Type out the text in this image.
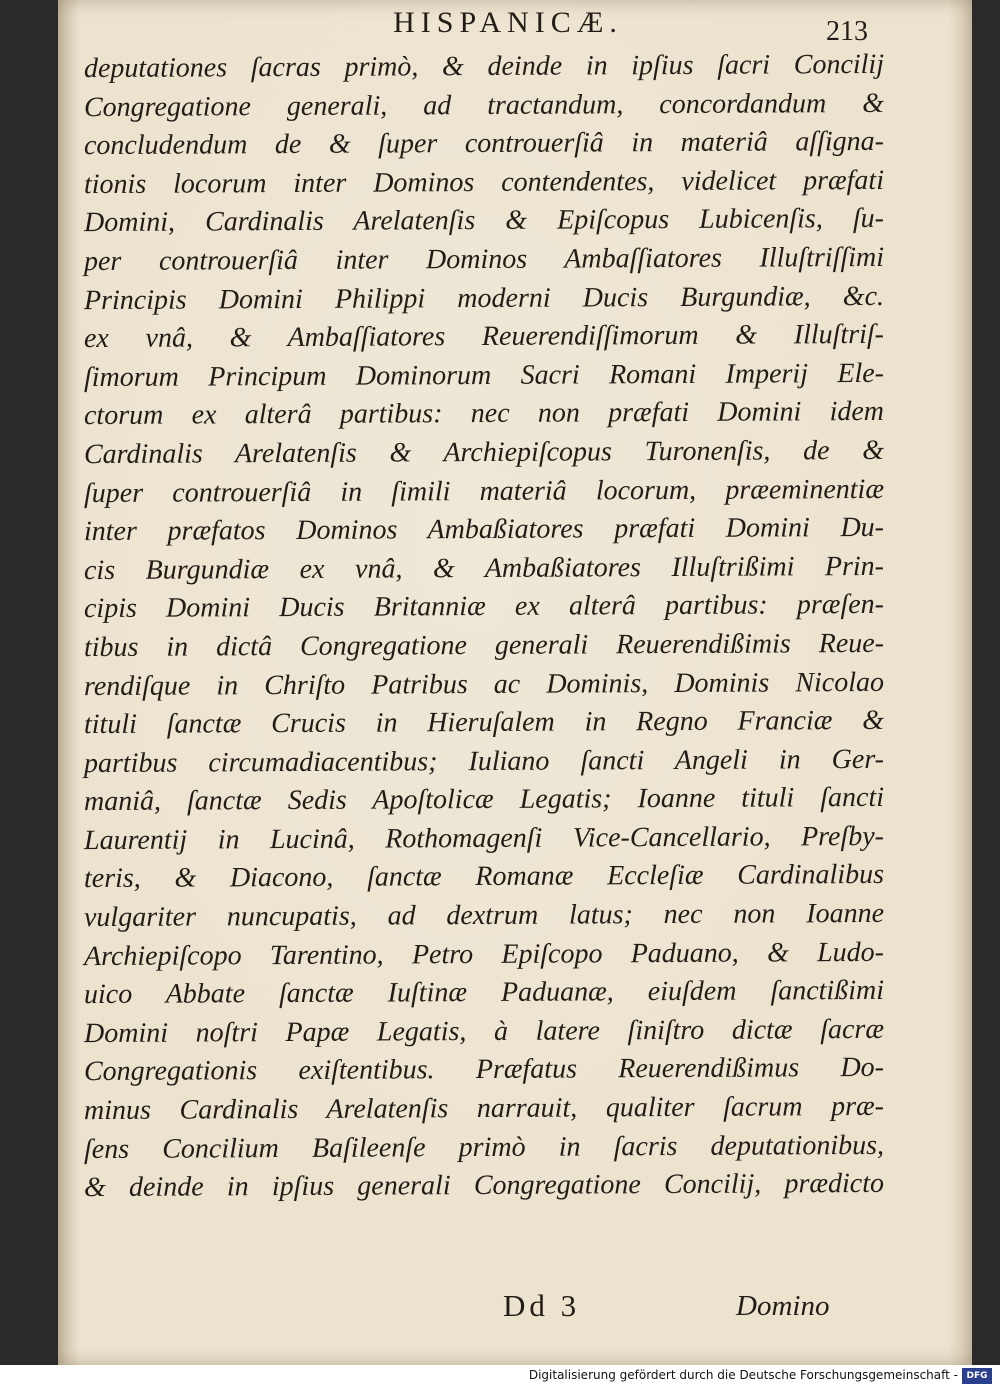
HISPANICÆ.	213
deputationes ſacras primò, & deinde in ipſius ſacri Concilij
Congregatione generali, ad tractandum, concordandum &
concludendum de & ſuper controuerſiâ in materiâ aſſigna-
tionis locorum inter Dominos contendentes, videlicet præfati
Domini, Cardinalis Arelatenſis & Epiſcopus Lubicenſis, ſu-
per controuerſiâ inter Dominos Ambaſſiatores Illuſtriſſimi
Principis Domini Philippi moderni Ducis Burgundiæ, &c.
ex vnâ, & Ambaſſiatores Reuerendiſſimorum & Illuſtriſ-
ſimorum Principum Dominorum Sacri Romani Imperij Ele-
ctorum ex alterâ partibus: nec non præfati Domini idem
Cardinalis Arelatenſis & Archiepiſcopus Turonenſis, de &
ſuper controuerſiâ in ſimili materiâ locorum, præeminentiæ
inter præfatos Dominos Ambaßiatores præfati Domini Du-
cis Burgundiæ ex vnâ, & Ambaßiatores Illuſtrißimi Prin-
cipis Domini Ducis Britanniæ ex alterâ partibus: præſen-
tibus in dictâ Congregatione generali Reuerendißimis Reue-
rendiſque in Chriſto Patribus ac Dominis, Dominis Nicolao
tituli ſanctæ Crucis in Hieruſalem in Regno Franciæ &
partibus circumadiacentibus; Iuliano ſancti Angeli in Ger-
maniâ, ſanctæ Sedis Apoſtolicæ Legatis; Ioanne tituli ſancti
Laurentij in Lucinâ, Rothomagenſi Vice-Cancellario, Preſby-
teris, & Diacono, ſanctæ Romanæ Eccleſiæ Cardinalibus
vulgariter nuncupatis, ad dextrum latus; nec non Ioanne
Archiepiſcopo Tarentino, Petro Epiſcopo Paduano, & Ludo-
uico Abbate ſanctæ Iuſtinæ Paduanæ, eiuſdem ſanctißimi
Domini noſtri Papæ Legatis, à latere ſiniſtro dictæ ſacræ
Congregationis exiſtentibus. Præfatus Reuerendißimus Do-
minus Cardinalis Arelatenſis narrauit, qualiter ſacrum præ-
ſens Concilium Baſileenſe primò in ſacris deputationibus,
& deinde in ipſius generali Congregatione Concilij, prædicto
Dd 3	Domino
Digitalisierung gefördert durch die Deutsche Forschungsgemeinschaft - DFG
